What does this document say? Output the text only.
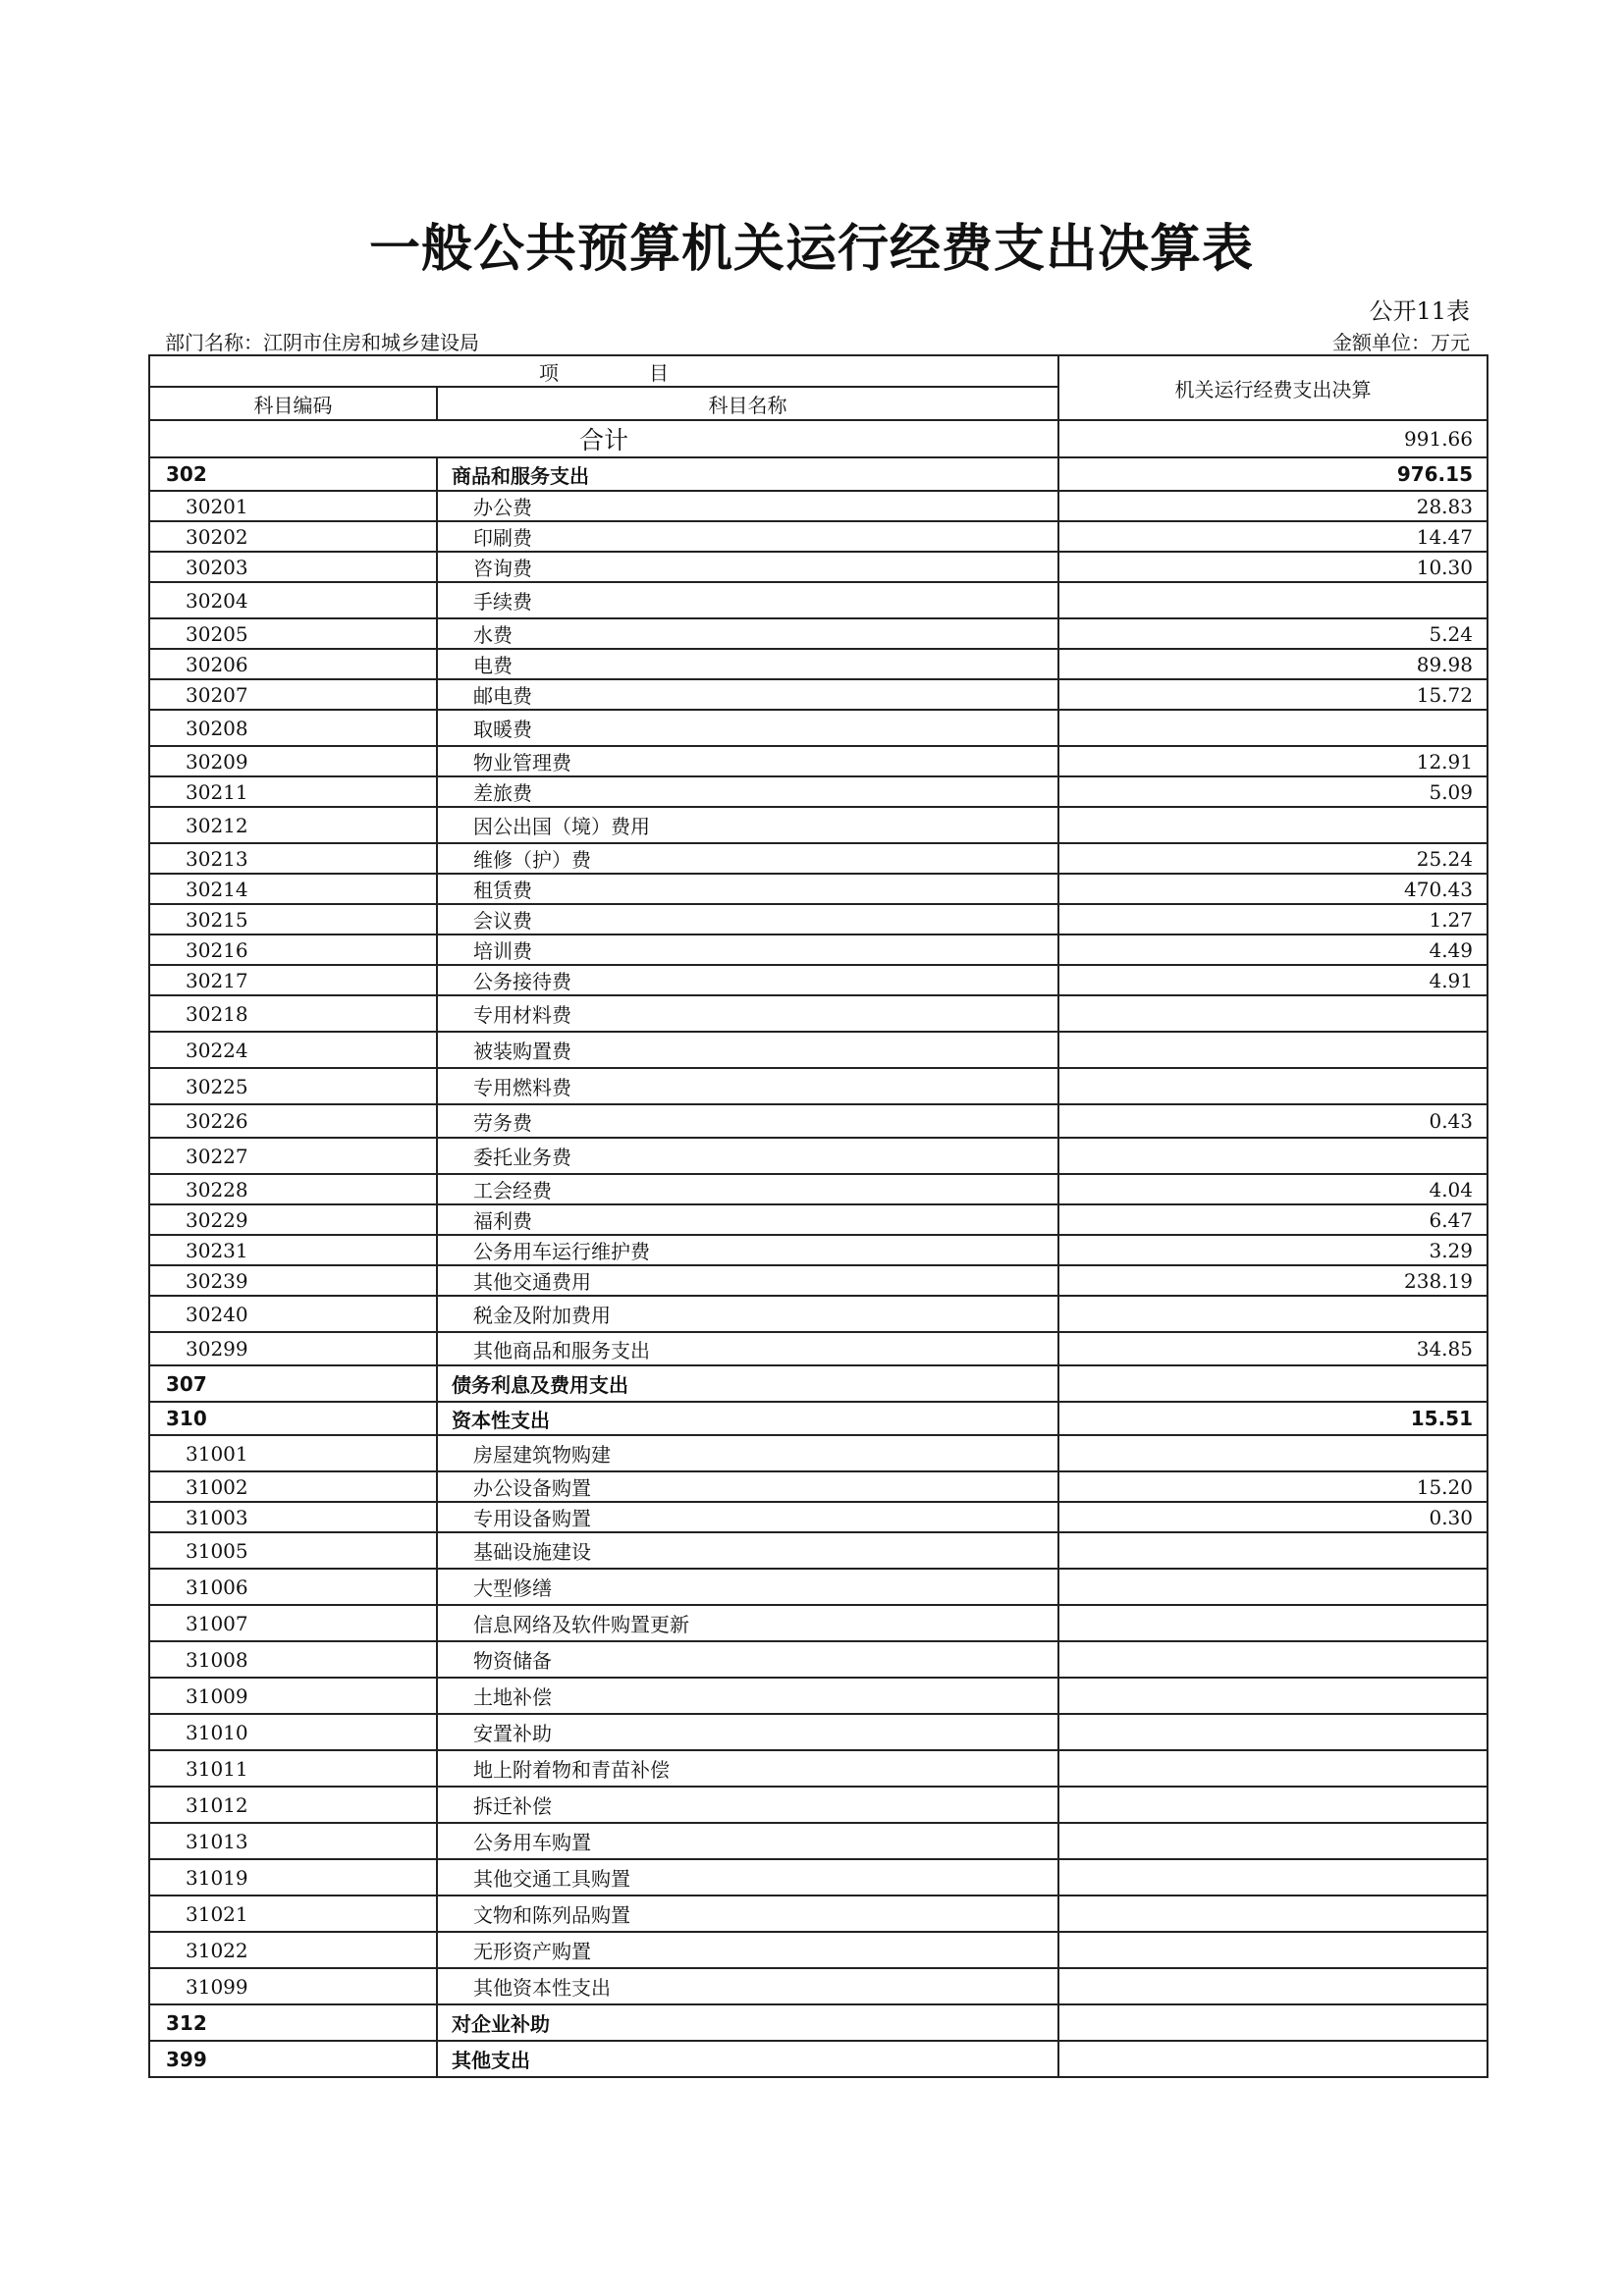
一般公共预算机关运行经费支出决算表
公开11表
部门名称：江阴市住房和城乡建设局	金额单位：万元
项　目		机关运行经费支出决算
科目编码	科目名称	
合计		991.66
302	商品和服务支出	976.15
30201	办公费	28.83
30202	印刷费	14.47
30203	咨询费	10.30
30204	手续费	
30205	水费	5.24
30206	电费	89.98
30207	邮电费	15.72
30208	取暖费	
30209	物业管理费	12.91
30211	差旅费	5.09
30212	因公出国（境）费用	
30213	维修（护）费	25.24
30214	租赁费	470.43
30215	会议费	1.27
30216	培训费	4.49
30217	公务接待费	4.91
30218	专用材料费	
30224	被装购置费	
30225	专用燃料费	
30226	劳务费	0.43
30227	委托业务费	
30228	工会经费	4.04
30229	福利费	6.47
30231	公务用车运行维护费	3.29
30239	其他交通费用	238.19
30240	税金及附加费用	
30299	其他商品和服务支出	34.85
307	债务利息及费用支出	
310	资本性支出	15.51
31001	房屋建筑物购建	
31002	办公设备购置	15.20
31003	专用设备购置	0.30
31005	基础设施建设	
31006	大型修缮	
31007	信息网络及软件购置更新	
31008	物资储备	
31009	土地补偿	
31010	安置补助	
31011	地上附着物和青苗补偿	
31012	拆迁补偿	
31013	公务用车购置	
31019	其他交通工具购置	
31021	文物和陈列品购置	
31022	无形资产购置	
31099	其他资本性支出	
312	对企业补助	
399	其他支出	
